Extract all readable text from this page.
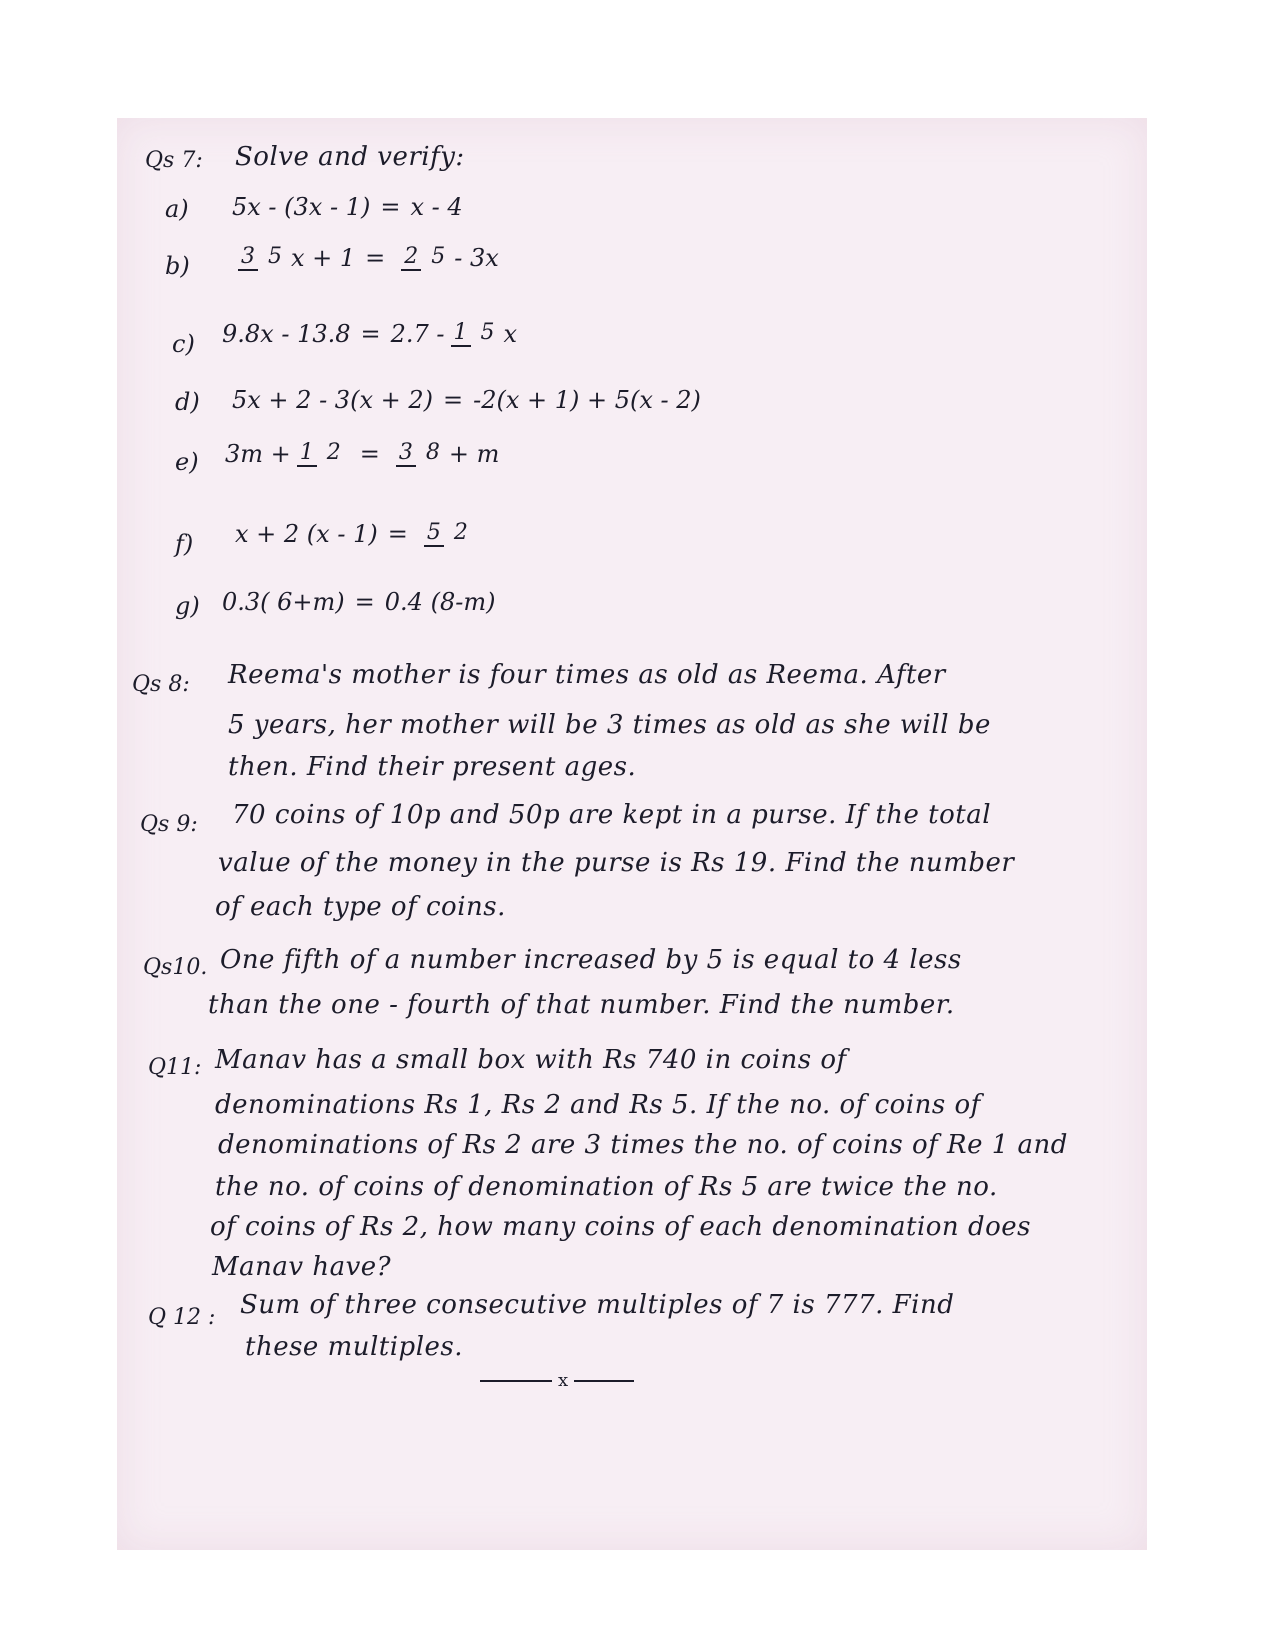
Qs 7: Solve and verify:
a) 5x - (3x - 1) = x - 4
b) 3 5 x + 1 = 2 5 - 3x
c) 9.8x - 13.8 = 2.7 - 1 5 x
d) 5x + 2 - 3(x + 2) = -2(x + 1) + 5(x - 2)
e) 3m + 1 2 = 3 8 + m
f) x + 2 (x - 1) = 5 2
g) 0.3( 6+m) = 0.4 (8-m)
Qs 8: Reema's mother is four times as old as Reema. After
5 years, her mother will be 3 times as old as she will be
then. Find their present ages.
Qs 9: 70 coins of 10p and 50p are kept in a purse. If the total
value of the money in the purse is Rs 19. Find the number
of each type of coins.
Qs10. One fifth of a number increased by 5 is equal to 4 less
than the one - fourth of that number. Find the number.
Q11: Manav has a small box with Rs 740 in coins of
denominations Rs 1, Rs 2 and Rs 5. If the no. of coins of
denominations of Rs 2 are 3 times the no. of coins of Re 1 and
the no. of coins of denomination of Rs 5 are twice the no.
of coins of Rs 2, how many coins of each denomination does
Manav have?
Q 12 : Sum of three consecutive multiples of 7 is 777. Find
these multiples.
x
